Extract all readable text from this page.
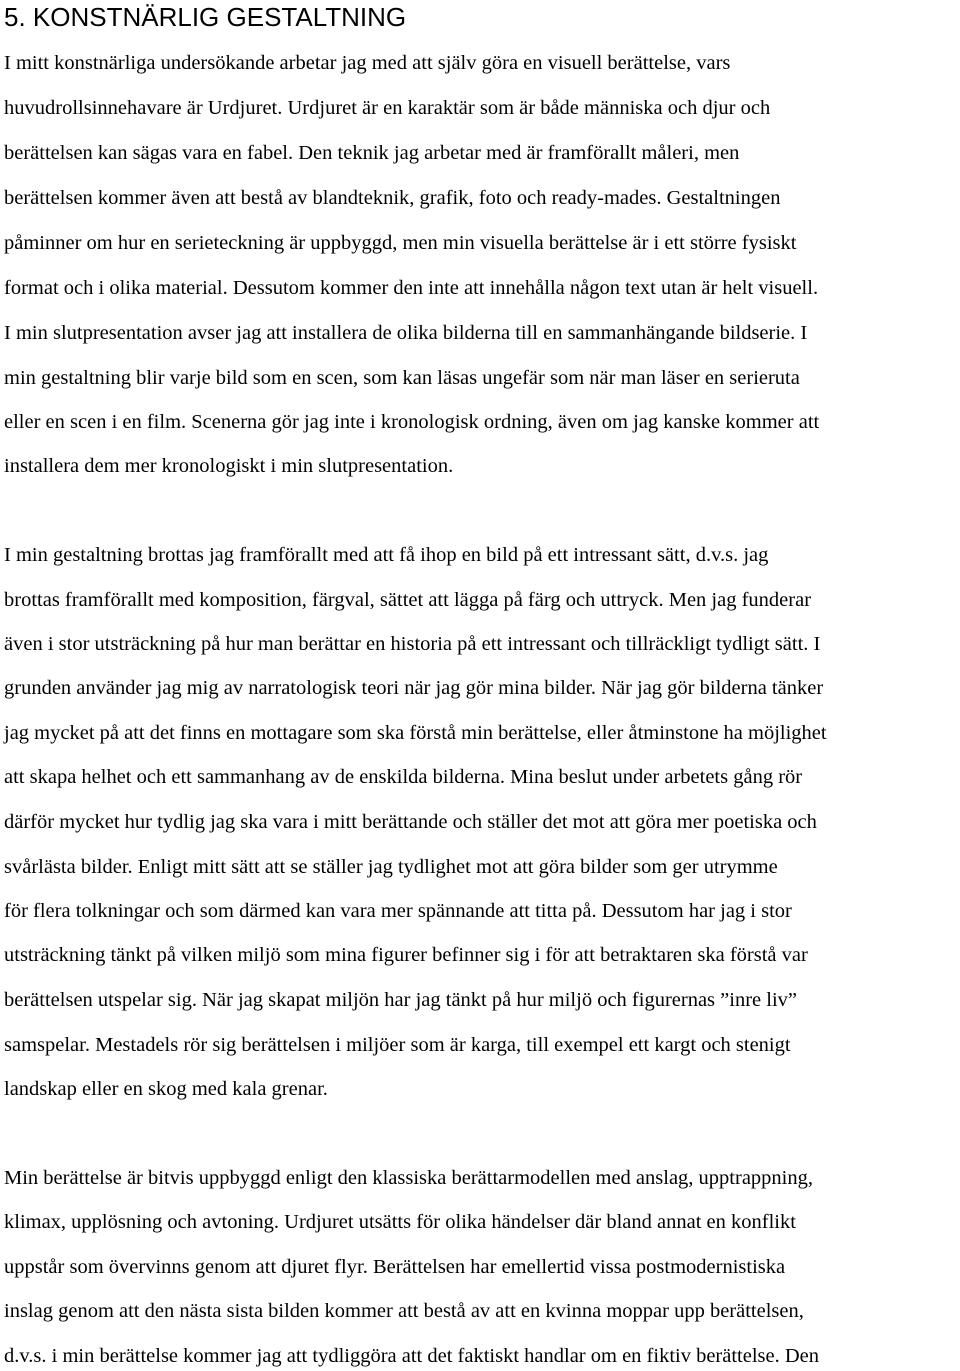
5. KONSTNÄRLIG GESTALTNING

I mitt konstnärliga undersökande arbetar jag med att själv göra en visuell berättelse, vars

huvudrollsinnehavare är Urdjuret. Urdjuret är en karaktär som är både människa och djur och

berättelsen kan sägas vara en fabel. Den teknik jag arbetar med är framförallt måleri, men

berättelsen kommer även att bestå av blandteknik, grafik, foto och ready-mades. Gestaltningen

påminner om hur en serieteckning är uppbyggd, men min visuella berättelse är i ett större fysiskt

format och i olika material. Dessutom kommer den inte att innehålla någon text utan är helt visuell.

I min slutpresentation avser jag att installera de olika bilderna till en sammanhängande bildserie. I

min gestaltning blir varje bild som en scen, som kan läsas ungefär som när man läser en serieruta

eller en scen i en film. Scenerna gör jag inte i kronologisk ordning, även om jag kanske kommer att

installera dem mer kronologiskt i min slutpresentation.

I min gestaltning brottas jag framförallt med att få ihop en bild på ett intressant sätt, d.v.s. jag

brottas framförallt med komposition, färgval, sättet att lägga på färg och uttryck. Men jag funderar

även i stor utsträckning på hur man berättar en historia på ett intressant och tillräckligt tydligt sätt. I

grunden använder jag mig av narratologisk teori när jag gör mina bilder. När jag gör bilderna tänker

jag mycket på att det finns en mottagare som ska förstå min berättelse, eller åtminstone ha möjlighet

att skapa helhet och ett sammanhang av de enskilda bilderna. Mina beslut under arbetets gång rör

därför mycket hur tydlig jag ska vara i mitt berättande och ställer det mot att göra mer poetiska och

svårlästa bilder. Enligt mitt sätt att se ställer jag tydlighet mot att göra bilder som ger utrymme

för flera tolkningar och som därmed kan vara mer spännande att titta på. Dessutom har jag i stor

utsträckning tänkt på vilken miljö som mina figurer befinner sig i för att betraktaren ska förstå var

berättelsen utspelar sig. När jag skapat miljön har jag tänkt på hur miljö och figurernas ”inre liv”

samspelar. Mestadels rör sig berättelsen i miljöer som är karga, till exempel ett kargt och stenigt

landskap eller en skog med kala grenar.

Min berättelse är bitvis uppbyggd enligt den klassiska berättarmodellen med anslag, upptrappning,

klimax, upplösning och avtoning. Urdjuret utsätts för olika händelser där bland annat en konflikt

uppstår som övervinns genom att djuret flyr. Berättelsen har emellertid vissa postmodernistiska

inslag genom att den nästa sista bilden kommer att bestå av att en kvinna moppar upp berättelsen,

d.v.s. i min berättelse kommer jag att tydliggöra att det faktiskt handlar om en fiktiv berättelse. Den
